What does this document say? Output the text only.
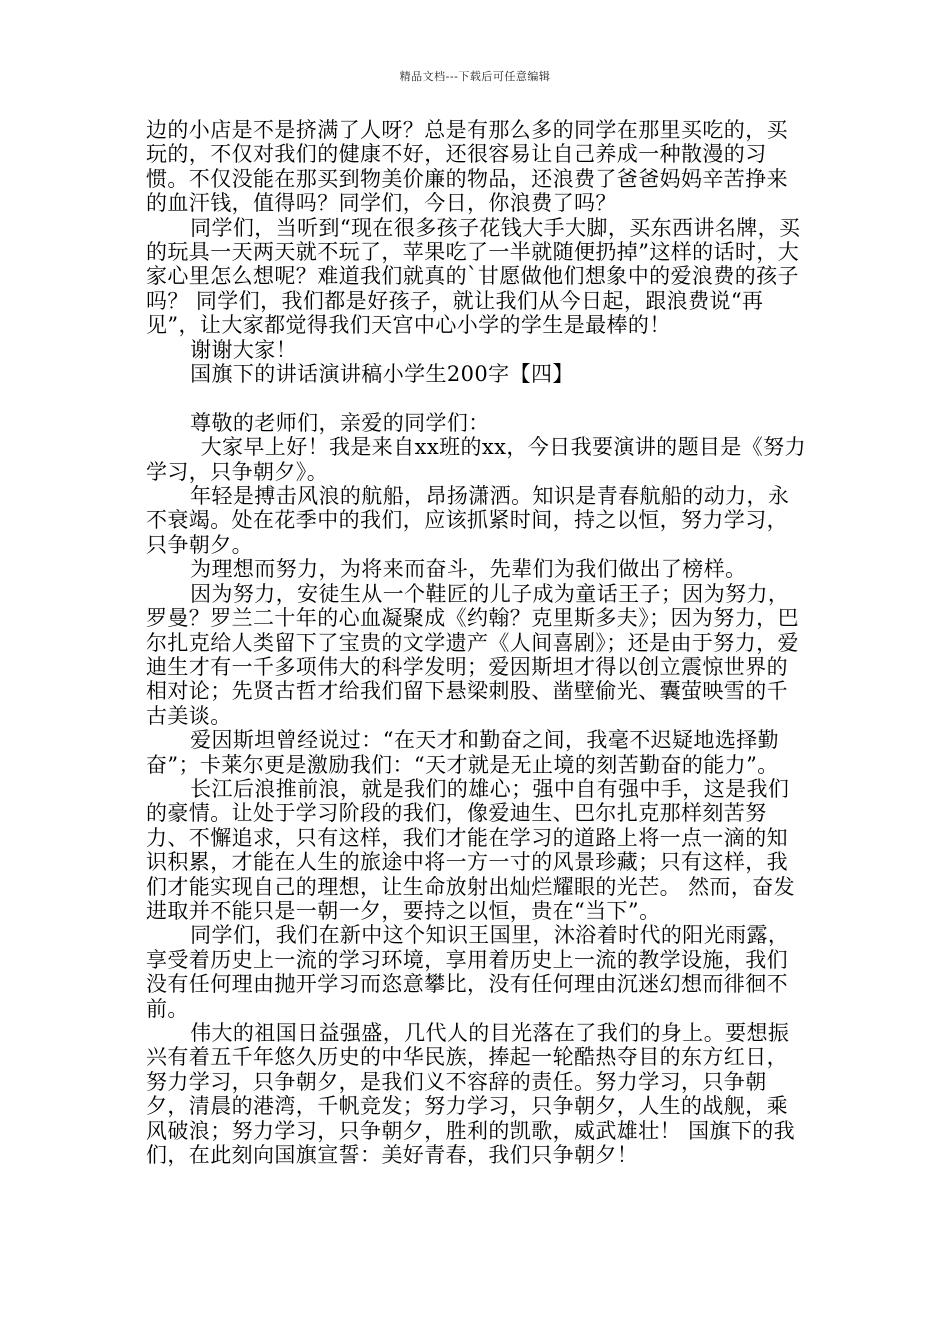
精品文档---下载后可任意编辑

边的小店是不是挤满了人呀？总是有那么多的同学在那里买吃的，买玩的，不仅对我们的健康不好，还很容易让自己养成一种散漫的习惯。不仅没能在那买到物美价廉的物品，还浪费了爸爸妈妈辛苦挣来的血汗钱，值得吗？同学们，今日，你浪费了吗？

同学们，当听到“现在很多孩子花钱大手大脚，买东西讲名牌，买的玩具一天两天就不玩了，苹果吃了一半就随便扔掉”这样的话时，大家心里怎么想呢？难道我们就真的`甘愿做他们想象中的爱浪费的孩子吗？ 同学们，我们都是好孩子，就让我们从今日起，跟浪费说“再见”，让大家都觉得我们天宫中心小学的学生是最棒的！

谢谢大家！

国旗下的讲话演讲稿小学生200字【四】

尊敬的老师们，亲爱的同学们：

大家早上好！我是来自xx班的xx，今日我要演讲的题目是《努力学习，只争朝夕》。

年轻是搏击风浪的航船，昂扬潇洒。知识是青春航船的动力，永不衰竭。处在花季中的我们，应该抓紧时间，持之以恒，努力学习，只争朝夕。

为理想而努力，为将来而奋斗，先辈们为我们做出了榜样。

因为努力，安徒生从一个鞋匠的儿子成为童话王子；因为努力，罗曼？罗兰二十年的心血凝聚成《约翰？克里斯多夫》；因为努力，巴尔扎克给人类留下了宝贵的文学遗产《人间喜剧》；还是由于努力，爱迪生才有一千多项伟大的科学发明；爱因斯坦才得以创立震惊世界的相对论；先贤古哲才给我们留下悬梁刺股、凿壁偷光、囊萤映雪的千古美谈。

爱因斯坦曾经说过：“在天才和勤奋之间，我毫不迟疑地选择勤奋”；卡莱尔更是激励我们：“天才就是无止境的刻苦勤奋的能力”。

长江后浪推前浪，就是我们的雄心；强中自有强中手，这是我们的豪情。让处于学习阶段的我们，像爱迪生、巴尔扎克那样刻苦努力、不懈追求，只有这样，我们才能在学习的道路上将一点一滴的知识积累，才能在人生的旅途中将一方一寸的风景珍藏；只有这样，我们才能实现自己的理想，让生命放射出灿烂耀眼的光芒。 然而，奋发进取并不能只是一朝一夕，要持之以恒，贵在“当下”。

同学们，我们在新中这个知识王国里，沐浴着时代的阳光雨露，享受着历史上一流的学习环境，享用着历史上一流的教学设施，我们没有任何理由抛开学习而恣意攀比，没有任何理由沉迷幻想而徘徊不前。

伟大的祖国日益强盛，几代人的目光落在了我们的身上。要想振兴有着五千年悠久历史的中华民族，捧起一轮酷热夺目的东方红日，努力学习，只争朝夕，是我们义不容辞的责任。努力学习，只争朝夕，清晨的港湾，千帆竞发；努力学习，只争朝夕，人生的战舰，乘风破浪；努力学习，只争朝夕，胜利的凯歌，威武雄壮！ 国旗下的我们，在此刻向国旗宣誓：美好青春，我们只争朝夕！
